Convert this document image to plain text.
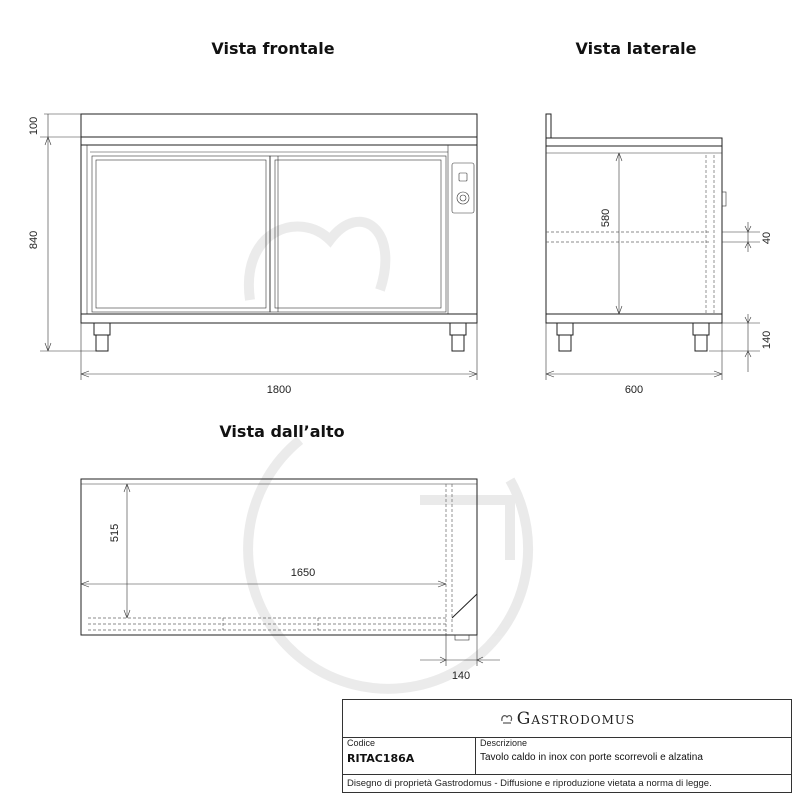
Vista frontale	Vista laterale
Vista dall’alto
840
100
1800
580
40
140
600
515
1650
140
Gastrodomus
Codice
RITAC186A
Descrizione
Tavolo caldo in inox con porte scorrevoli e alzatina
Disegno di proprietà Gastrodomus - Diffusione e riproduzione vietata a norma di legge.
